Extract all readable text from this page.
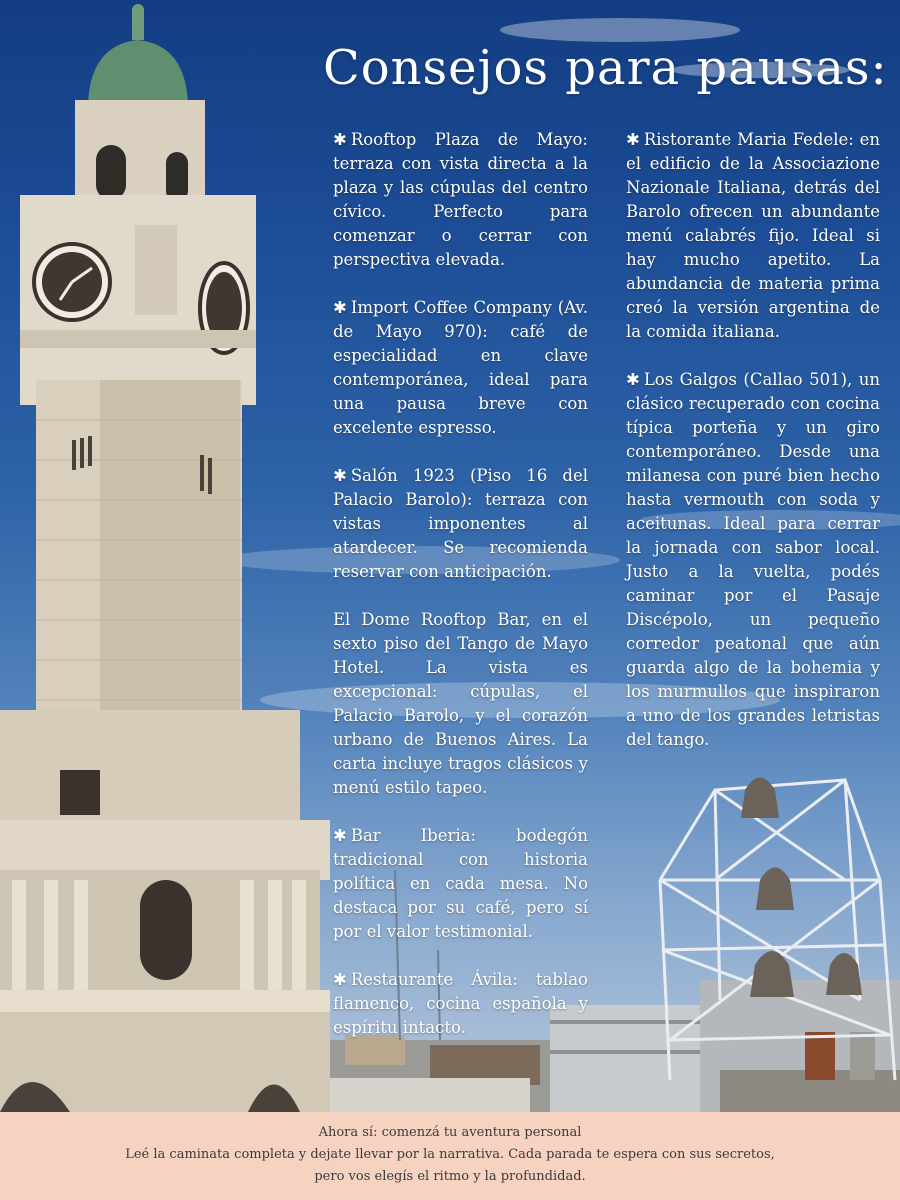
Consejos para pausas:

✱ Rooftop Plaza de Mayo: terraza con vista directa a la plaza y las cúpulas del centro cívico. Perfecto para comenzar o cerrar con perspectiva elevada.

✱ Import Coffee Company (Av. de Mayo 970): café de especialidad en clave contemporánea, ideal para una pausa breve con excelente espresso.

✱ Salón 1923 (Piso 16 del Palacio Barolo): terraza con vistas imponentes al atardecer. Se recomienda reservar con anticipación.

El Dome Rooftop Bar, en el sexto piso del Tango de Mayo Hotel. La vista es excepcional: cúpulas, el Palacio Barolo, y el corazón urbano de Buenos Aires. La carta incluye tragos clásicos y menú estilo tapeo.

✱ Bar Iberia: bodegón tradicional con historia política en cada mesa. No destaca por su café, pero sí por el valor testimonial.

✱ Restaurante Ávila: tablao flamenco, cocina española y espíritu intacto.

✱ Ristorante Maria Fedele: en el edificio de la Associazione Nazionale Italiana, detrás del Barolo ofrecen un abundante menú calabrés fijo. Ideal si hay mucho apetito. La abundancia de materia prima creó la versión argentina de la comida italiana.

✱ Los Galgos (Callao 501), un clásico recuperado con cocina típica porteña y un giro contemporáneo. Desde una milanesa con puré bien hecho hasta vermouth con soda y aceitunas. Ideal para cerrar la jornada con sabor local. Justo a la vuelta, podés caminar por el Pasaje Discépolo, un pequeño corredor peatonal que aún guarda algo de la bohemia y los murmullos que inspiraron a uno de los grandes letristas del tango.

Ahora sí: comenzá tu aventura personal
Leé la caminata completa y dejate llevar por la narrativa. Cada parada te espera con sus secretos,
pero vos elegís el ritmo y la profundidad.
